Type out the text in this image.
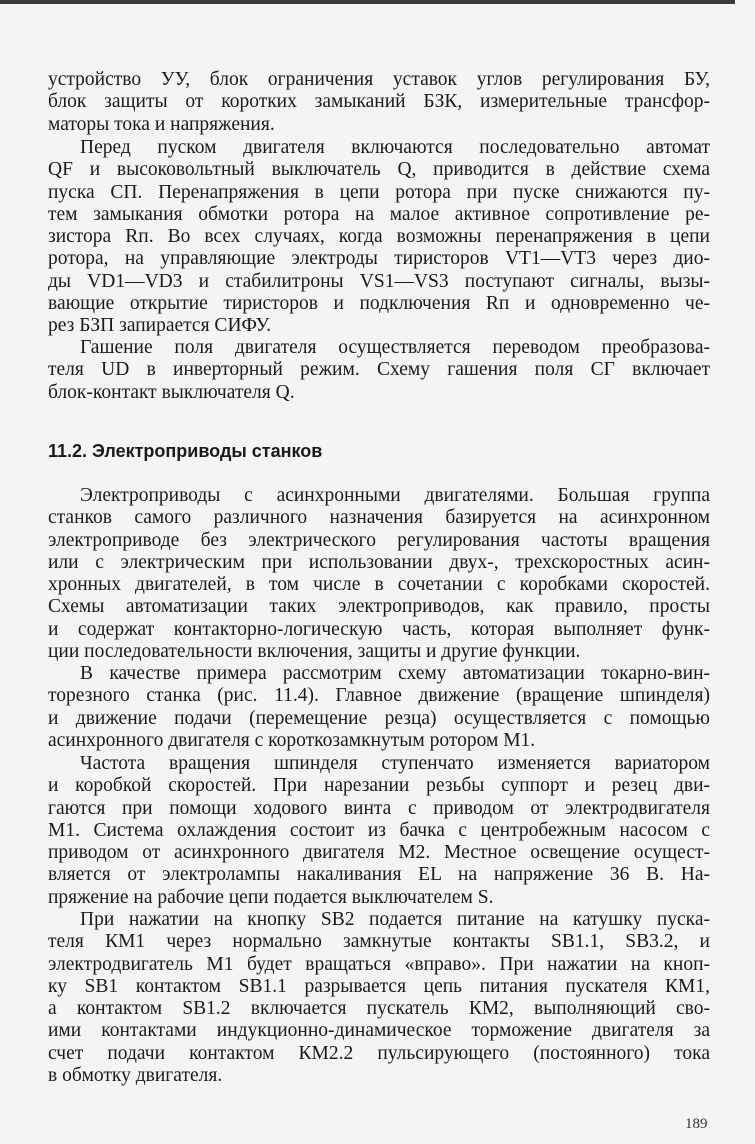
устройство УУ, блок ограничения уставок углов регулирования БУ,
блок защиты от коротких замыканий БЗК, измерительные трансфор-
маторы тока и напряжения.
Перед пуском двигателя включаются последовательно автомат
QF и высоковольтный выключатель Q, приводится в действие схема
пуска СП. Перенапряжения в цепи ротора при пуске снижаются пу-
тем замыкания обмотки ротора на малое активное сопротивление ре-
зистора Rп. Во всех случаях, когда возможны перенапряжения в цепи
ротора, на управляющие электроды тиристоров VT1—VT3 через дио-
ды VD1—VD3 и стабилитроны VS1—VS3 поступают сигналы, вызы-
вающие открытие тиристоров и подключения Rп и одновременно че-
рез БЗП запирается СИФУ.
Гашение поля двигателя осуществляется переводом преобразова-
теля UD в инверторный режим. Схему гашения поля СГ включает
блок-контакт выключателя Q.
11.2. Электроприводы станков
Электроприводы с асинхронными двигателями. Большая группа
станков самого различного назначения базируется на асинхронном
электроприводе без электрического регулирования частоты вращения
или с электрическим при использовании двух-, трехскоростных асин-
хронных двигателей, в том числе в сочетании с коробками скоростей.
Схемы автоматизации таких электроприводов, как правило, просты
и содержат контакторно-логическую часть, которая выполняет функ-
ции последовательности включения, защиты и другие функции.
В качестве примера рассмотрим схему автоматизации токарно-вин-
торезного станка (рис. 11.4). Главное движение (вращение шпинделя)
и движение подачи (перемещение резца) осуществляется с помощью
асинхронного двигателя с короткозамкнутым ротором М1.
Частота вращения шпинделя ступенчато изменяется вариатором
и коробкой скоростей. При нарезании резьбы суппорт и резец дви-
гаются при помощи ходового винта с приводом от электродвигателя
М1. Система охлаждения состоит из бачка с центробежным насосом с
приводом от асинхронного двигателя М2. Местное освещение осущест-
вляется от электролампы накаливания EL на напряжение 36 В. На-
пряжение на рабочие цепи подается выключателем S.
При нажатии на кнопку SB2 подается питание на катушку пуска-
теля КМ1 через нормально замкнутые контакты SB1.1, SB3.2, и
электродвигатель М1 будет вращаться «вправо». При нажатии на кноп-
ку SB1 контактом SB1.1 разрывается цепь питания пускателя КМ1,
а контактом SB1.2 включается пускатель КМ2, выполняющий сво-
ими контактами индукционно-динамическое торможение двигателя за
счет подачи контактом КМ2.2 пульсирующего (постоянного) тока
в обмотку двигателя.
189
